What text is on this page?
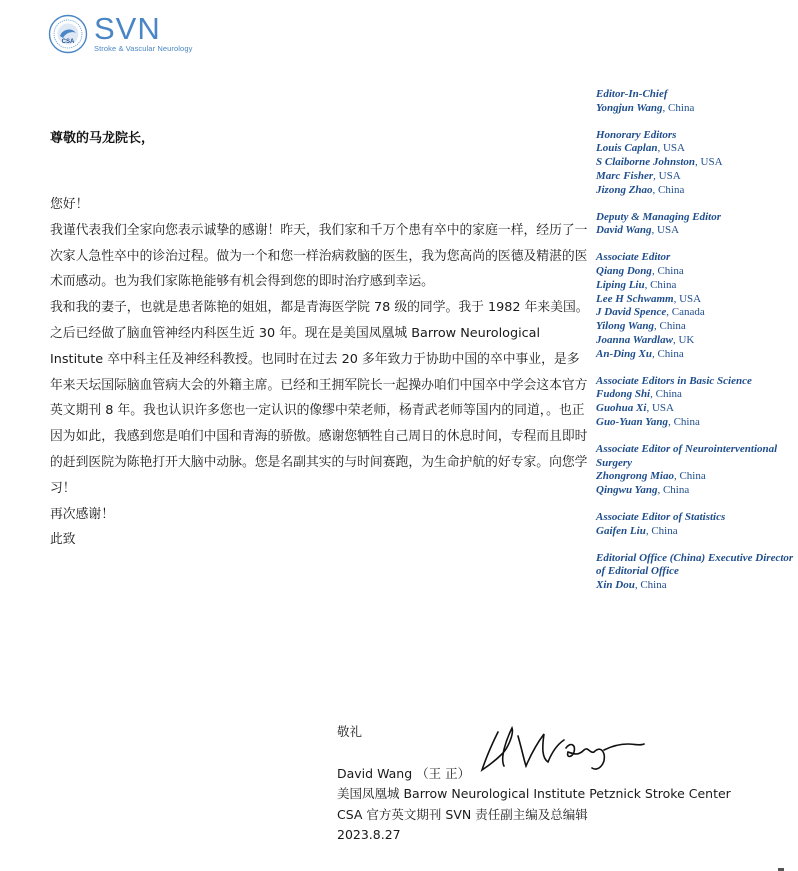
CSA SVN
Stroke & Vascular Neurology
尊敬的马龙院长，

您好！

我谨代表我们全家向您表示诚挚的感谢！昨天，我们家和千万个患有卒中的家庭一样，经历了一次家人急性卒中的诊治过程。做为一个和您一样治病救脑的医生，我为您高尚的医德及精湛的医术而感动。也为我们家陈艳能够有机会得到您的即时治疗感到幸运。

我和我的妻子，也就是患者陈艳的姐姐，都是青海医学院 78 级的同学。我于 1982 年来美国。之后已经做了脑血管神经内科医生近 30 年。现在是美国凤凰城 Barrow Neurological Institute 卒中科主任及神经科教授。也同时在过去 20 多年致力于协助中国的卒中事业，是多年来天坛国际脑血管病大会的外籍主席。已经和王拥军院长一起操办咱们中国卒中学会这本官方英文期刊 8 年。我也认识许多您也一定认识的像缪中荣老师，杨青武老师等国内的同道，。也正因为如此，我感到您是咱们中国和青海的骄傲。感谢您牺牲自己周日的休息时间，专程而且即时的赶到医院为陈艳打开大脑中动脉。您是名副其实的与时间赛跑，为生命护航的好专家。向您学习！

再次感谢！

此致

Editor-In-Chief
Yongjun Wang, China
Honorary Editors
Louis Caplan, USA
S Claiborne Johnston, USA
Marc Fisher, USA
Jizong Zhao, China
Deputy & Managing Editor
David Wang, USA
Associate Editor
Qiang Dong, China
Liping Liu, China
Lee H Schwamm, USA
J David Spence, Canada
Yilong Wang, China
Joanna Wardlaw, UK
An-Ding Xu, China
Associate Editors in Basic Science
Fudong Shi, China
Guohua Xi, USA
Guo-Yuan Yang, China
Associate Editor of Neurointerventional Surgery
Zhongrong Miao, China
Qingwu Yang, China
Associate Editor of Statistics
Gaifen Liu, China
Editorial Office (China) Executive Director of Editorial Office
Xin Dou, China
敬礼
David Wang （王 正）
美国凤凰城 Barrow Neurological Institute Petznick Stroke Center
CSA 官方英文期刊 SVN 责任副主编及总编辑
2023.8.27
